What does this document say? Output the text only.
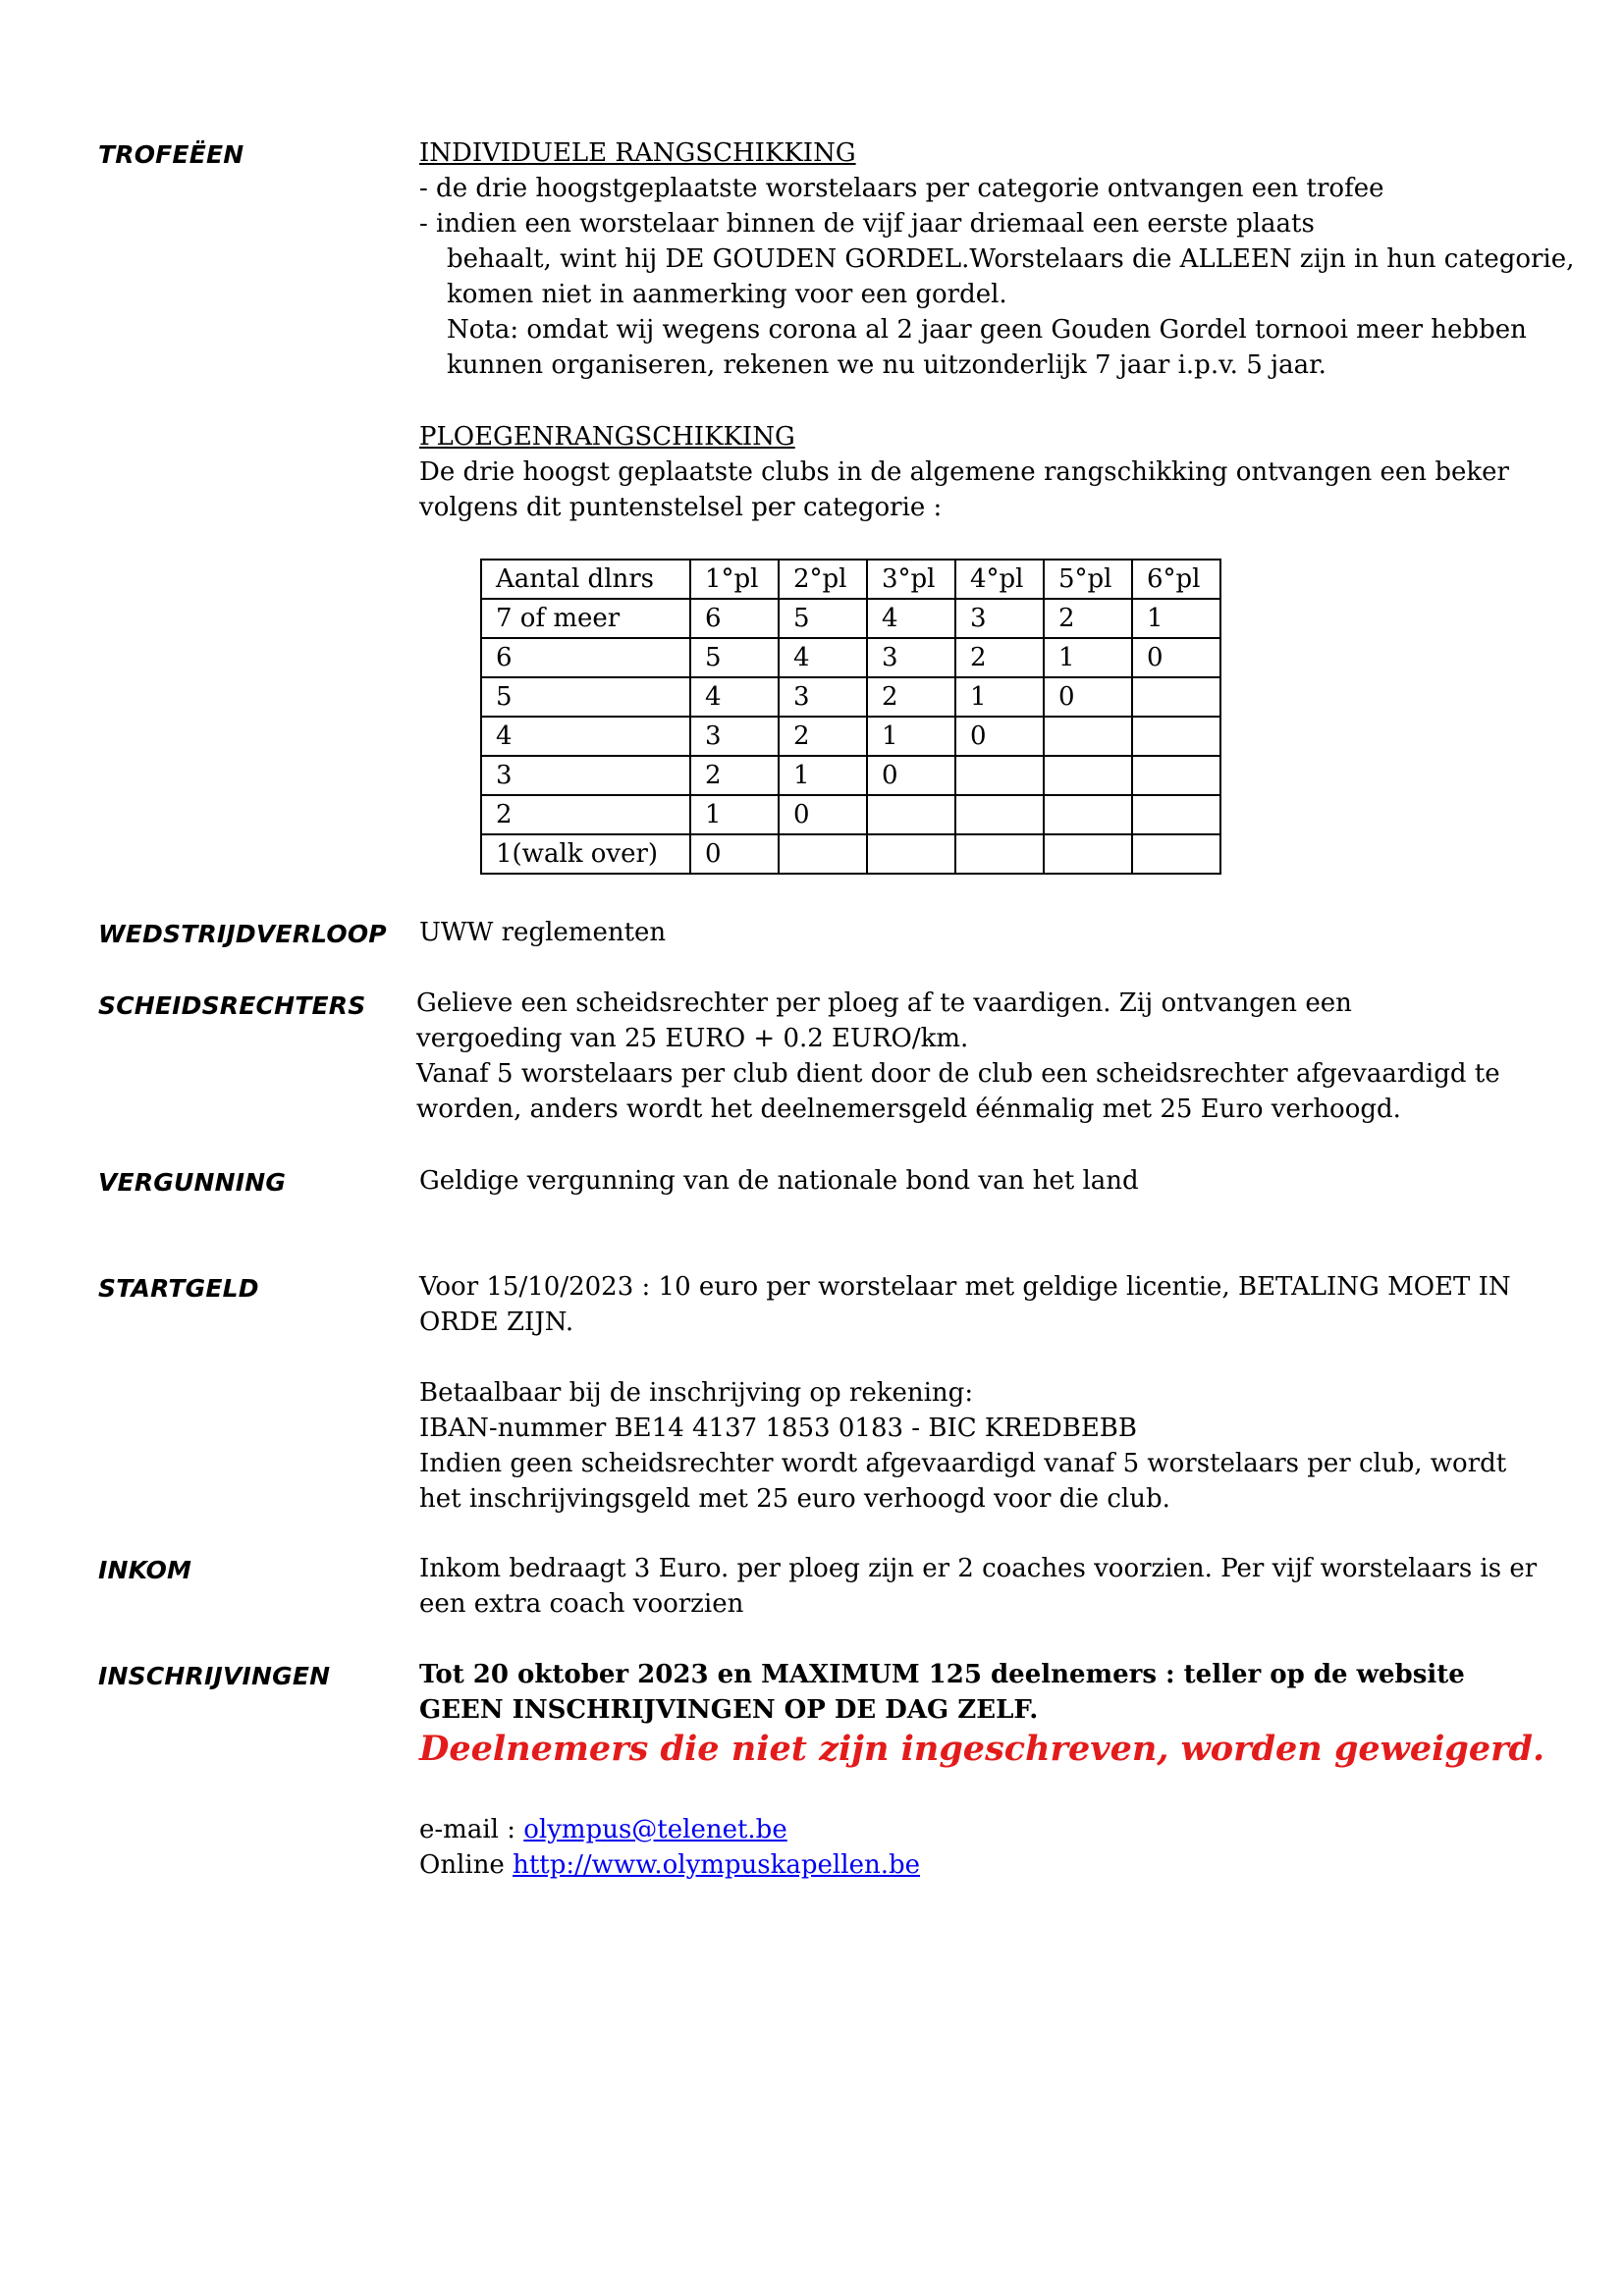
TROFEËEN	INDIVIDUELE RANGSCHIKKING
- de drie hoogstgeplaatste worstelaars per categorie ontvangen een trofee
- indien een worstelaar binnen de vijf jaar driemaal een eerste plaats
behaalt, wint hij DE GOUDEN GORDEL.Worstelaars die ALLEEN zijn in hun categorie,
komen niet in aanmerking voor een gordel.
Nota: omdat wij wegens corona al 2 jaar geen Gouden Gordel tornooi meer hebben
kunnen organiseren, rekenen we nu uitzonderlijk 7 jaar i.p.v. 5 jaar.
PLOEGENRANGSCHIKKING
De drie hoogst geplaatste clubs in de algemene rangschikking ontvangen een beker
volgens dit puntenstelsel per categorie :
Aantal dlnrs	1°pl	2°pl	3°pl	4°pl	5°pl	6°pl
7 of meer	6	5	4	3	2	1
6	5	4	3	2	1	0
5	4	3	2	1	0	
4	3	2	1	0		
3	2	1	0			
2	1	0				
1(walk over)	0					
WEDSTRIJDVERLOOP UWW reglementen
SCHEIDSRECHTERS Gelieve een scheidsrechter per ploeg af te vaardigen. Zij ontvangen een
vergoeding van 25 EURO + 0.2 EURO/km.
Vanaf 5 worstelaars per club dient door de club een scheidsrechter afgevaardigd te
worden, anders wordt het deelnemersgeld éénmalig met 25 Euro verhoogd.
VERGUNNING	Geldige vergunning van de nationale bond van het land
STARTGELD	Voor 15/10/2023 : 10 euro per worstelaar met geldige licentie, BETALING MOET IN
ORDE ZIJN.
Betaalbaar bij de inschrijving op rekening:
IBAN-nummer BE14 4137 1853 0183 - BIC KREDBEBB
Indien geen scheidsrechter wordt afgevaardigd vanaf 5 worstelaars per club, wordt
het inschrijvingsgeld met 25 euro verhoogd voor die club.
INKOM	Inkom bedraagt 3 Euro. per ploeg zijn er 2 coaches voorzien. Per vijf worstelaars is er
een extra coach voorzien
INSCHRIJVINGEN	Tot 20 oktober 2023 en MAXIMUM 125 deelnemers : teller op de website
GEEN INSCHRIJVINGEN OP DE DAG ZELF.
Deelnemers die niet zijn ingeschreven, worden geweigerd.
e-mail : olympus@telenet.be
Online http://www.olympuskapellen.be
